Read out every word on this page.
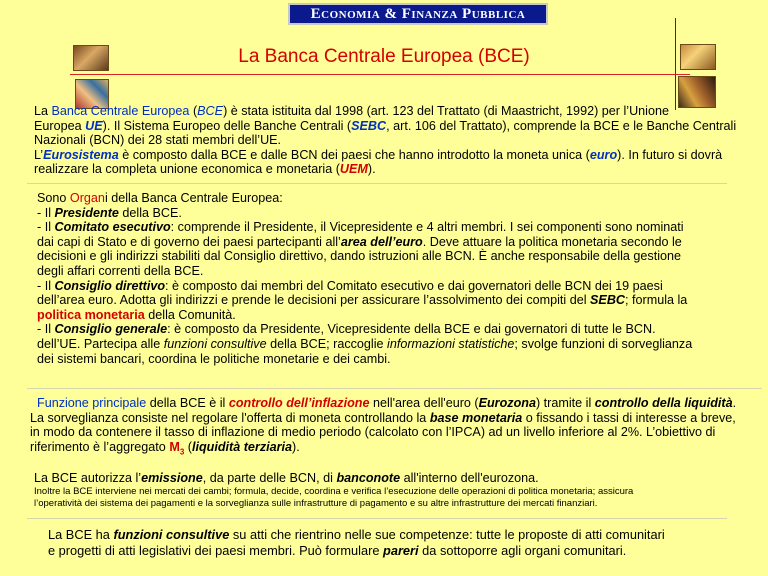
Economia & Finanza Pubblica
La Banca Centrale Europea (BCE)
La Banca Centrale Europea (BCE) è stata istituita dal 1998 (art. 123 del Trattato (di Maastricht, 1992) per l’Unione
Europea UE). Il Sistema Europeo delle Banche Centrali (SEBC, art. 106 del Trattato), comprende la BCE e le Banche Centrali
Nazionali (BCN) dei 28 stati membri dell’UE.
L’Eurosistema è composto dalla BCE e dalle BCN dei paesi che hanno introdotto la moneta unica (euro). In futuro si dovrà
realizzare la completa unione economica e monetaria (UEM).
Sono Organi della Banca Centrale Europea:
- Il Presidente della BCE.
- Il Comitato esecutivo: comprende il Presidente, il Vicepresidente e 4 altri membri. I sei componenti sono nominati
dai capi di Stato e di governo dei paesi partecipanti all’area dell’euro. Deve attuare la politica monetaria secondo le
decisioni e gli indirizzi stabiliti dal Consiglio direttivo, dando istruzioni alle BCN. È anche responsabile della gestione
degli affari correnti della BCE.
- Il Consiglio direttivo: è composto dai membri del Comitato esecutivo e dai governatori delle BCN dei 19 paesi
dell’area euro. Adotta gli indirizzi e prende le decisioni per assicurare l’assolvimento dei compiti del SEBC; formula la
politica monetaria della Comunità.
- Il Consiglio generale: è composto da Presidente, Vicepresidente della BCE e dai governatori di tutte le BCN.
dell’UE. Partecipa alle funzioni consultive della BCE; raccoglie informazioni statistiche; svolge funzioni di sorveglianza
dei sistemi bancari, coordina le politiche monetarie e dei cambi.
Funzione principale della BCE è il controllo dell’inflazione nell'area dell'euro (Eurozona) tramite il controllo della liquidità.
La sorveglianza consiste nel regolare l'offerta di moneta controllando la base monetaria o fissando i tassi di interesse a breve,
in modo da contenere il tasso di inflazione di medio periodo (calcolato con l’IPCA) ad un livello inferiore al 2%. L’obiettivo di
riferimento è l’aggregato $M_3$ (liquidità terziaria).
La BCE autorizza l’emissione, da parte delle BCN, di banconote all'interno dell'eurozona.
Inoltre la BCE interviene nei mercati dei cambi; formula, decide, coordina e verifica l’esecuzione delle operazioni di politica monetaria; assicura
l’operatività dei sistema dei pagamenti e la sorveglianza sulle infrastrutture di pagamento e su altre infrastrutture dei mercati finanziari.
La BCE ha funzioni consultive su atti che rientrino nelle sue competenze: tutte le proposte di atti comunitari
e progetti di atti legislativi dei paesi membri. Può formulare pareri da sottoporre agli organi comunitari.
